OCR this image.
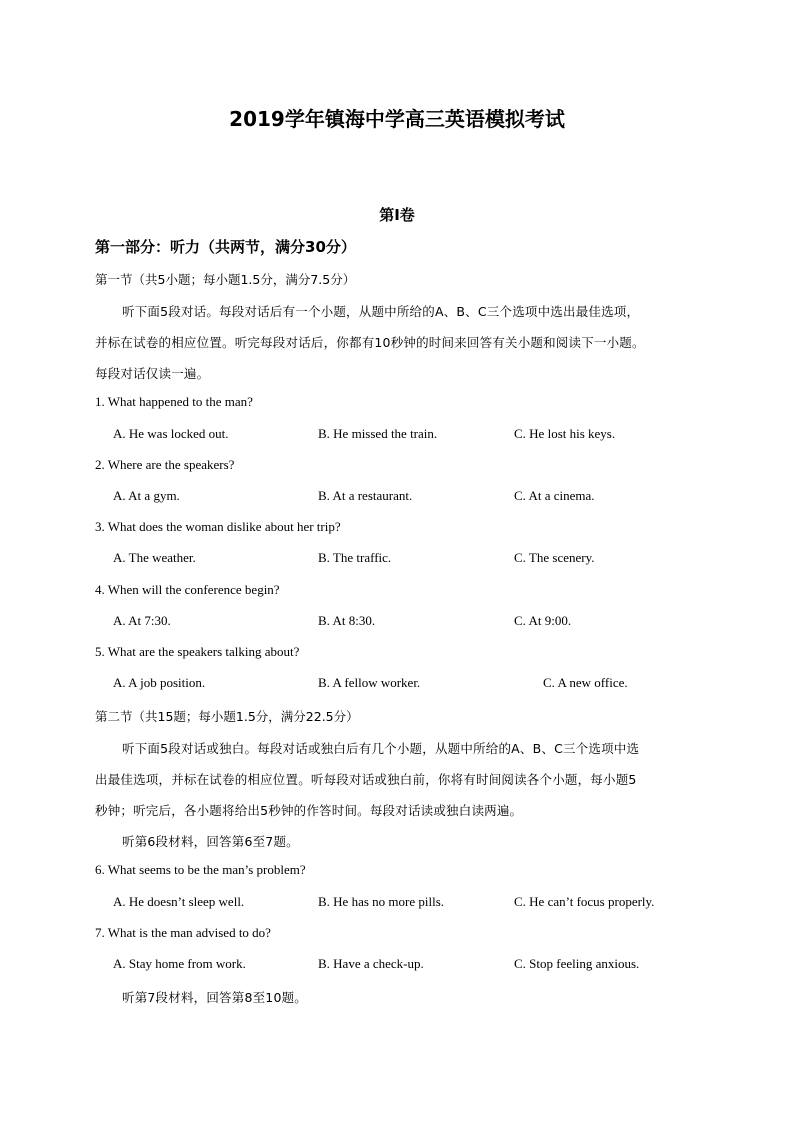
2019学年镇海中学高三英语模拟考试
第I卷
第一部分：听力（共两节，满分30分）
第一节（共5小题；每小题1.5分，满分7.5分）
听下面5段对话。每段对话后有一个小题，从题中所给的A、B、C三个选项中选出最佳选项，
并标在试卷的相应位置。听完每段对话后，你都有10秒钟的时间来回答有关小题和阅读下一小题。
每段对话仅读一遍。
1. What happened to the man?
A. He was locked out.	B. He missed the train.	C. He lost his keys.
2. Where are the speakers?
A. At a gym.	B. At a restaurant.	C. At a cinema.
3. What does the woman dislike about her trip?
A. The weather.	B. The traffic.	C. The scenery.
4. When will the conference begin?
A. At 7:30.	B. At 8:30.	C. At 9:00.
5. What are the speakers talking about?
A. A job position.	B. A fellow worker.	C. A new office.
第二节（共15题；每小题1.5分，满分22.5分）
听下面5段对话或独白。每段对话或独白后有几个小题，从题中所给的A、B、C三个选项中选
出最佳选项，并标在试卷的相应位置。听每段对话或独白前，你将有时间阅读各个小题，每小题5
秒钟；听完后，各小题将给出5秒钟的作答时间。每段对话读或独白读两遍。
听第6段材料，回答第6至7题。
6. What seems to be the man’s problem?
A. He doesn’t sleep well.	B. He has no more pills.	C. He can’t focus properly.
7. What is the man advised to do?
A. Stay home from work.	B. Have a check-up.	C. Stop feeling anxious.
听第7段材料，回答第8至10题。
